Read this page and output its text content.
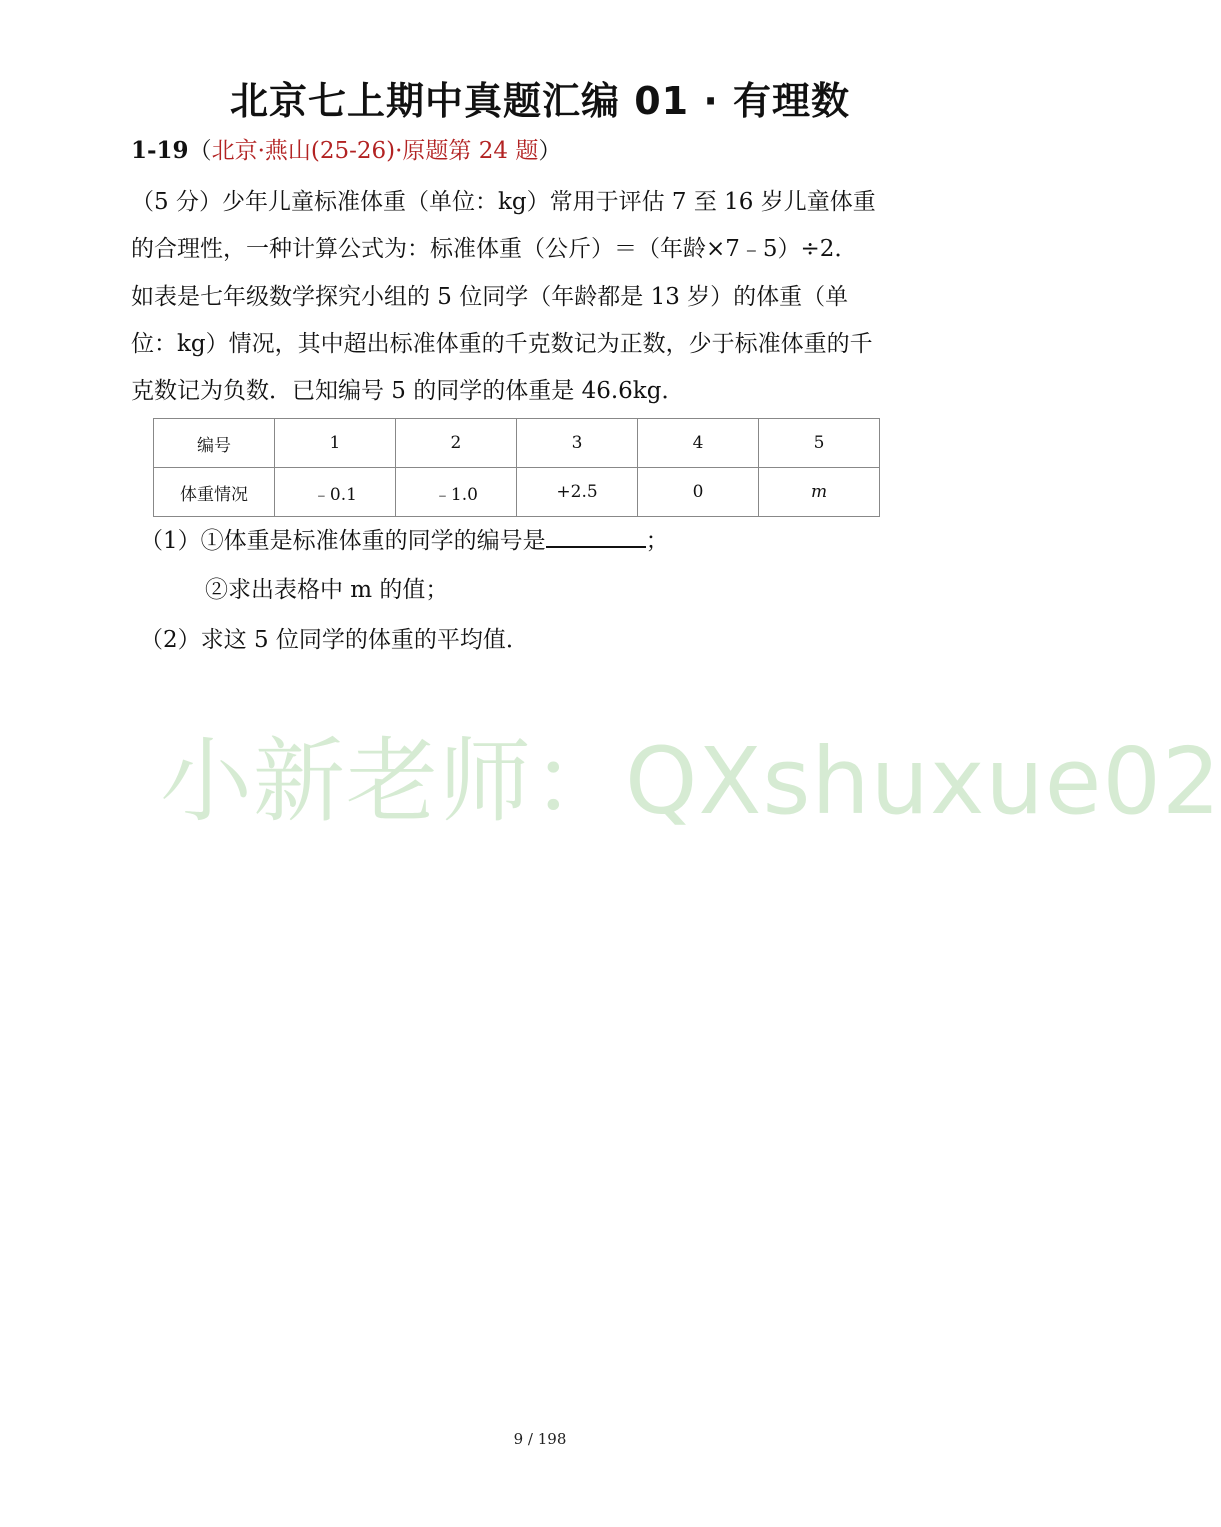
北京七上期中真题汇编 01 · 有理数
1-19（北京·燕山(25-26)·原题第 24 题）
（5 分）少年儿童标准体重（单位：kg）常用于评估 7 至 16 岁儿童体重
的合理性，一种计算公式为：标准体重（公斤）＝（年龄×7﹣5）÷2．
如表是七年级数学探究小组的 5 位同学（年龄都是 13 岁）的体重（单
位：kg）情况，其中超出标准体重的千克数记为正数，少于标准体重的千
克数记为负数．已知编号 5 的同学的体重是 46.6kg．
编号	1	2	3	4	5
体重情况	﹣0.1	﹣1.0	+2.5	0	m
（1）①体重是标准体重的同学的编号是	；
②求出表格中 m 的值；
（2）求这 5 位同学的体重的平均值．
小新老师：QXshuxue02
9 / 198
